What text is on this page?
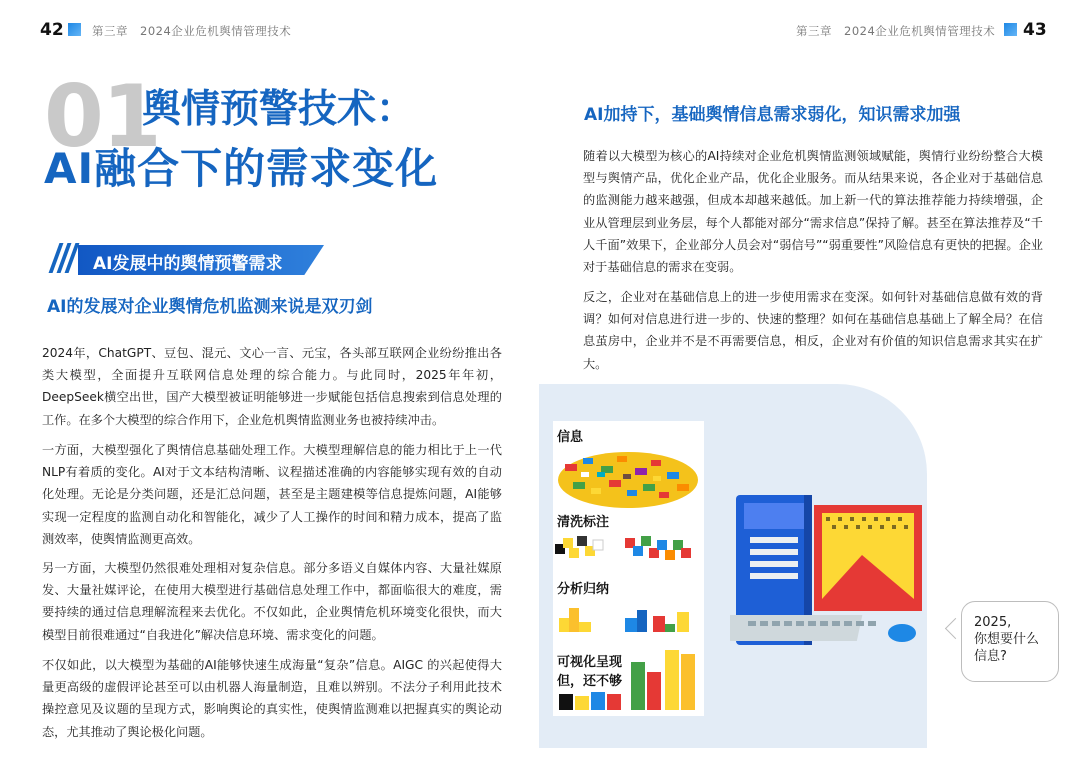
42 第三章　2024企业危机舆情管理技术	第三章　2024企业危机舆情管理技术 43
01
舆情预警技术：
AI融合下的需求变化
AI发展中的舆情预警需求
AI的发展对企业舆情危机监测来说是双刃剑
2024年，ChatGPT、豆包、混元、文心一言、元宝，各头部互联网企业纷纷推出各类大模型，全面提升互联网信息处理的综合能力。与此同时，2025年年初，DeepSeek横空出世，国产大模型被证明能够进一步赋能包括信息搜索到信息处理的工作。在多个大模型的综合作用下，企业危机舆情监测业务也被持续冲击。
一方面，大模型强化了舆情信息基础处理工作。大模型理解信息的能力相比于上一代NLP有着质的变化。AI对于文本结构清晰、议程描述准确的内容能够实现有效的自动化处理。无论是分类问题，还是汇总问题，甚至是主题建模等信息提炼问题，AI能够实现一定程度的监测自动化和智能化，减少了人工操作的时间和精力成本，提高了监测效率，使舆情监测更高效。
另一方面，大模型仍然很难处理相对复杂信息。部分多语义自媒体内容、大量社媒原发、大量社媒评论，在使用大模型进行基础信息处理工作中，都面临很大的难度，需要持续的通过信息理解流程来去优化。不仅如此，企业舆情危机环境变化很快，而大模型目前很难通过“自我进化”解决信息环境、需求变化的问题。
不仅如此，以大模型为基础的AI能够快速生成海量“复杂”信息。AIGC 的兴起使得大量更高级的虚假评论甚至可以由机器人海量制造，且难以辨别。不法分子利用此技术操控意见及议题的呈现方式，影响舆论的真实性，使舆情监测难以把握真实的舆论动态，尤其推动了舆论极化问题。
AI加持下，基础舆情信息需求弱化，知识需求加强
随着以大模型为核心的AI持续对企业危机舆情监测领域赋能，舆情行业纷纷整合大模型与舆情产品，优化企业产品，优化企业服务。而从结果来说，各企业对于基础信息的监测能力越来越强，但成本却越来越低。加上新一代的算法推荐能力持续增强，企业从管理层到业务层，每个人都能对部分“需求信息”保持了解。甚至在算法推荐及“千人千面”效果下，企业部分人员会对“弱信号”“弱重要性”风险信息有更快的把握。企业对于基础信息的需求在变弱。
反之，企业对在基础信息上的进一步使用需求在变深。如何针对基础信息做有效的背调？如何对信息进行进一步的、快速的整理？如何在基础信息基础上了解全局？在信息茧房中，企业并不是不再需要信息，相反，企业对有价值的知识信息需求其实在扩大。
信息
清洗标注
分析归纳
可视化呈现
但，还不够
2025,
你想要什么
信息?
